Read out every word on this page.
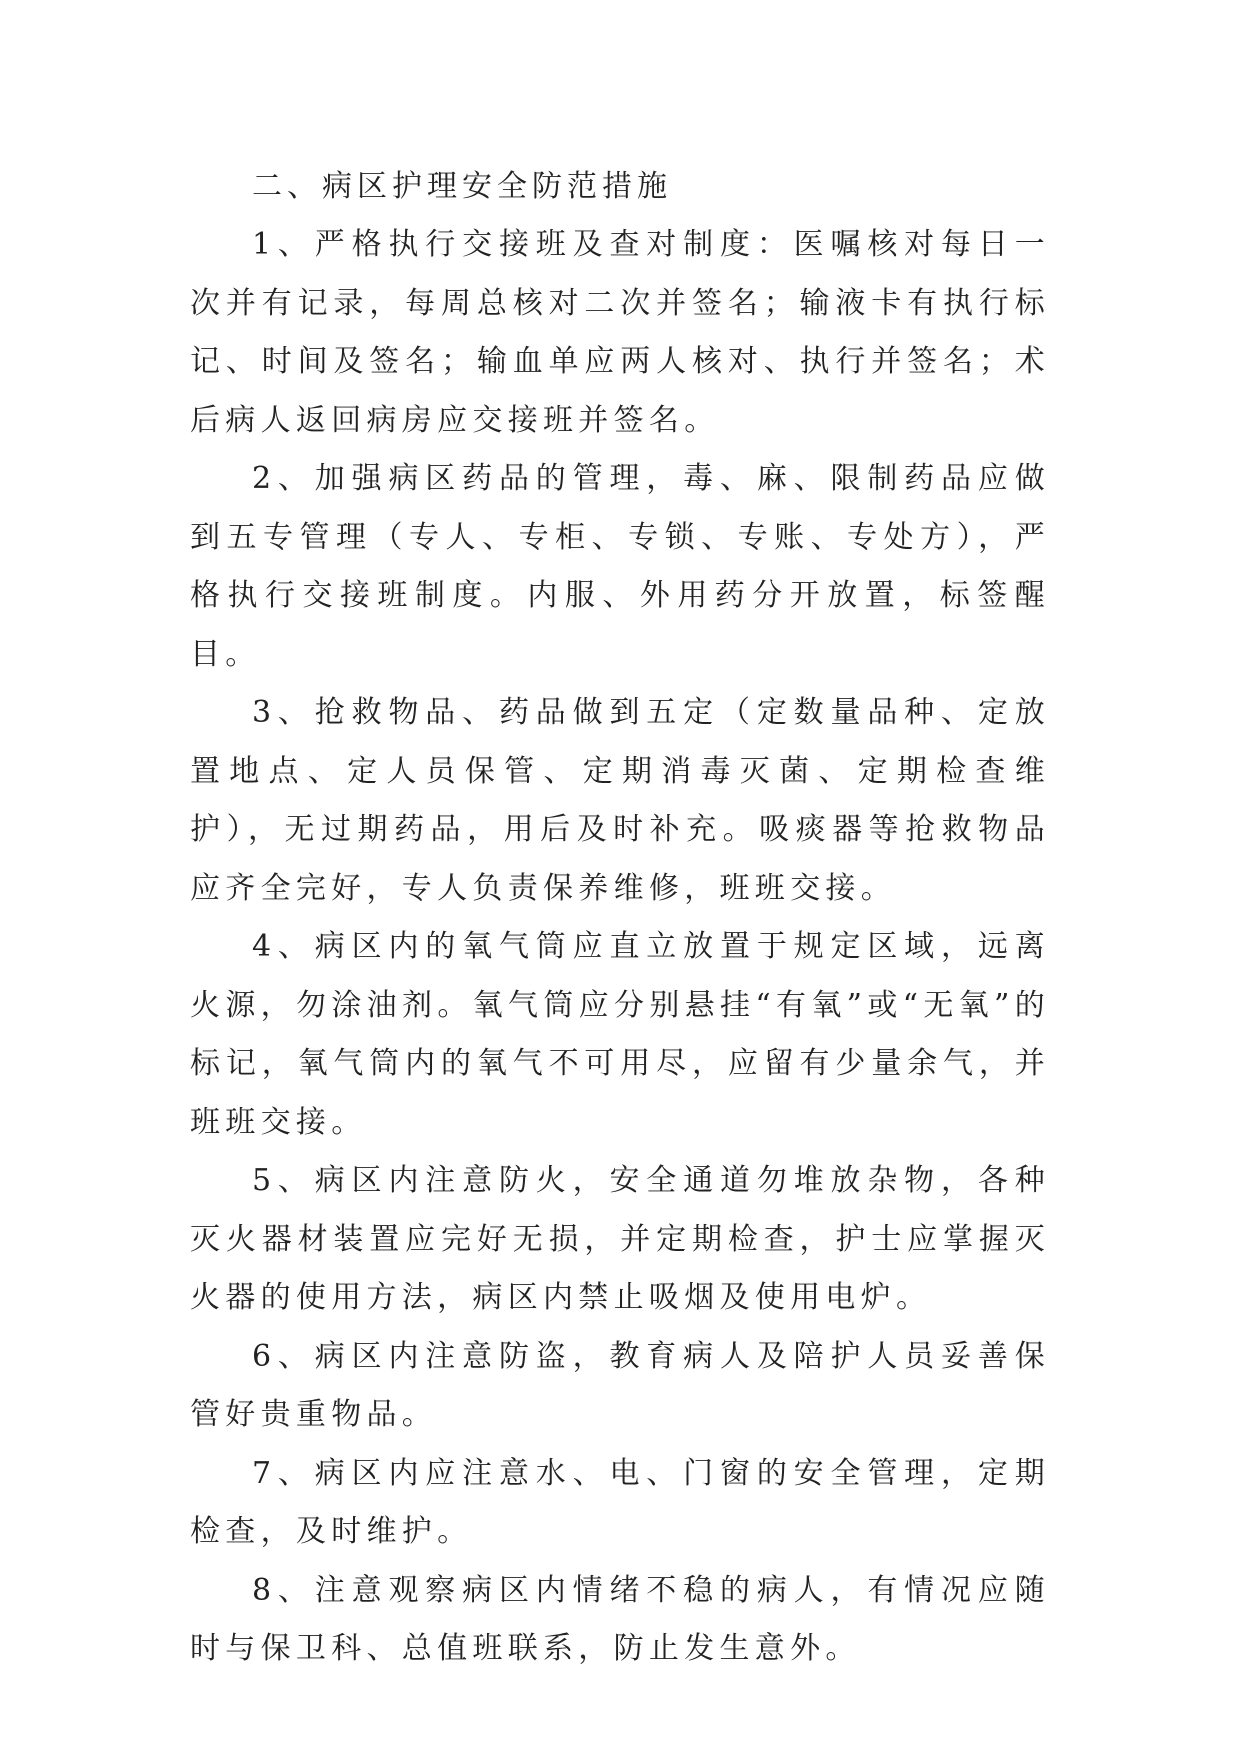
二、病区护理安全防范措施

1、严格执行交接班及查对制度：医嘱核对每日一次并有记录，每周总核对二次并签名；输液卡有执行标记、时间及签名；输血单应两人核对、执行并签名；术后病人返回病房应交接班并签名。

2、加强病区药品的管理，毒、麻、限制药品应做到五专管理（专人、专柜、专锁、专账、专处方），严格执行交接班制度。内服、外用药分开放置，标签醒目。

3、抢救物品、药品做到五定（定数量品种、定放置地点、定人员保管、定期消毒灭菌、定期检查维护），无过期药品，用后及时补充。吸痰器等抢救物品应齐全完好，专人负责保养维修，班班交接。

4、病区内的氧气筒应直立放置于规定区域，远离火源，勿涂油剂。氧气筒应分别悬挂“有氧”或“无氧”的标记，氧气筒内的氧气不可用尽，应留有少量余气，并班班交接。

5、病区内注意防火，安全通道勿堆放杂物，各种灭火器材装置应完好无损，并定期检查，护士应掌握灭火器的使用方法，病区内禁止吸烟及使用电炉。

6、病区内注意防盗，教育病人及陪护人员妥善保管好贵重物品。

7、病区内应注意水、电、门窗的安全管理，定期检查，及时维护。

8、注意观察病区内情绪不稳的病人，有情况应随时与保卫科、总值班联系，防止发生意外。
